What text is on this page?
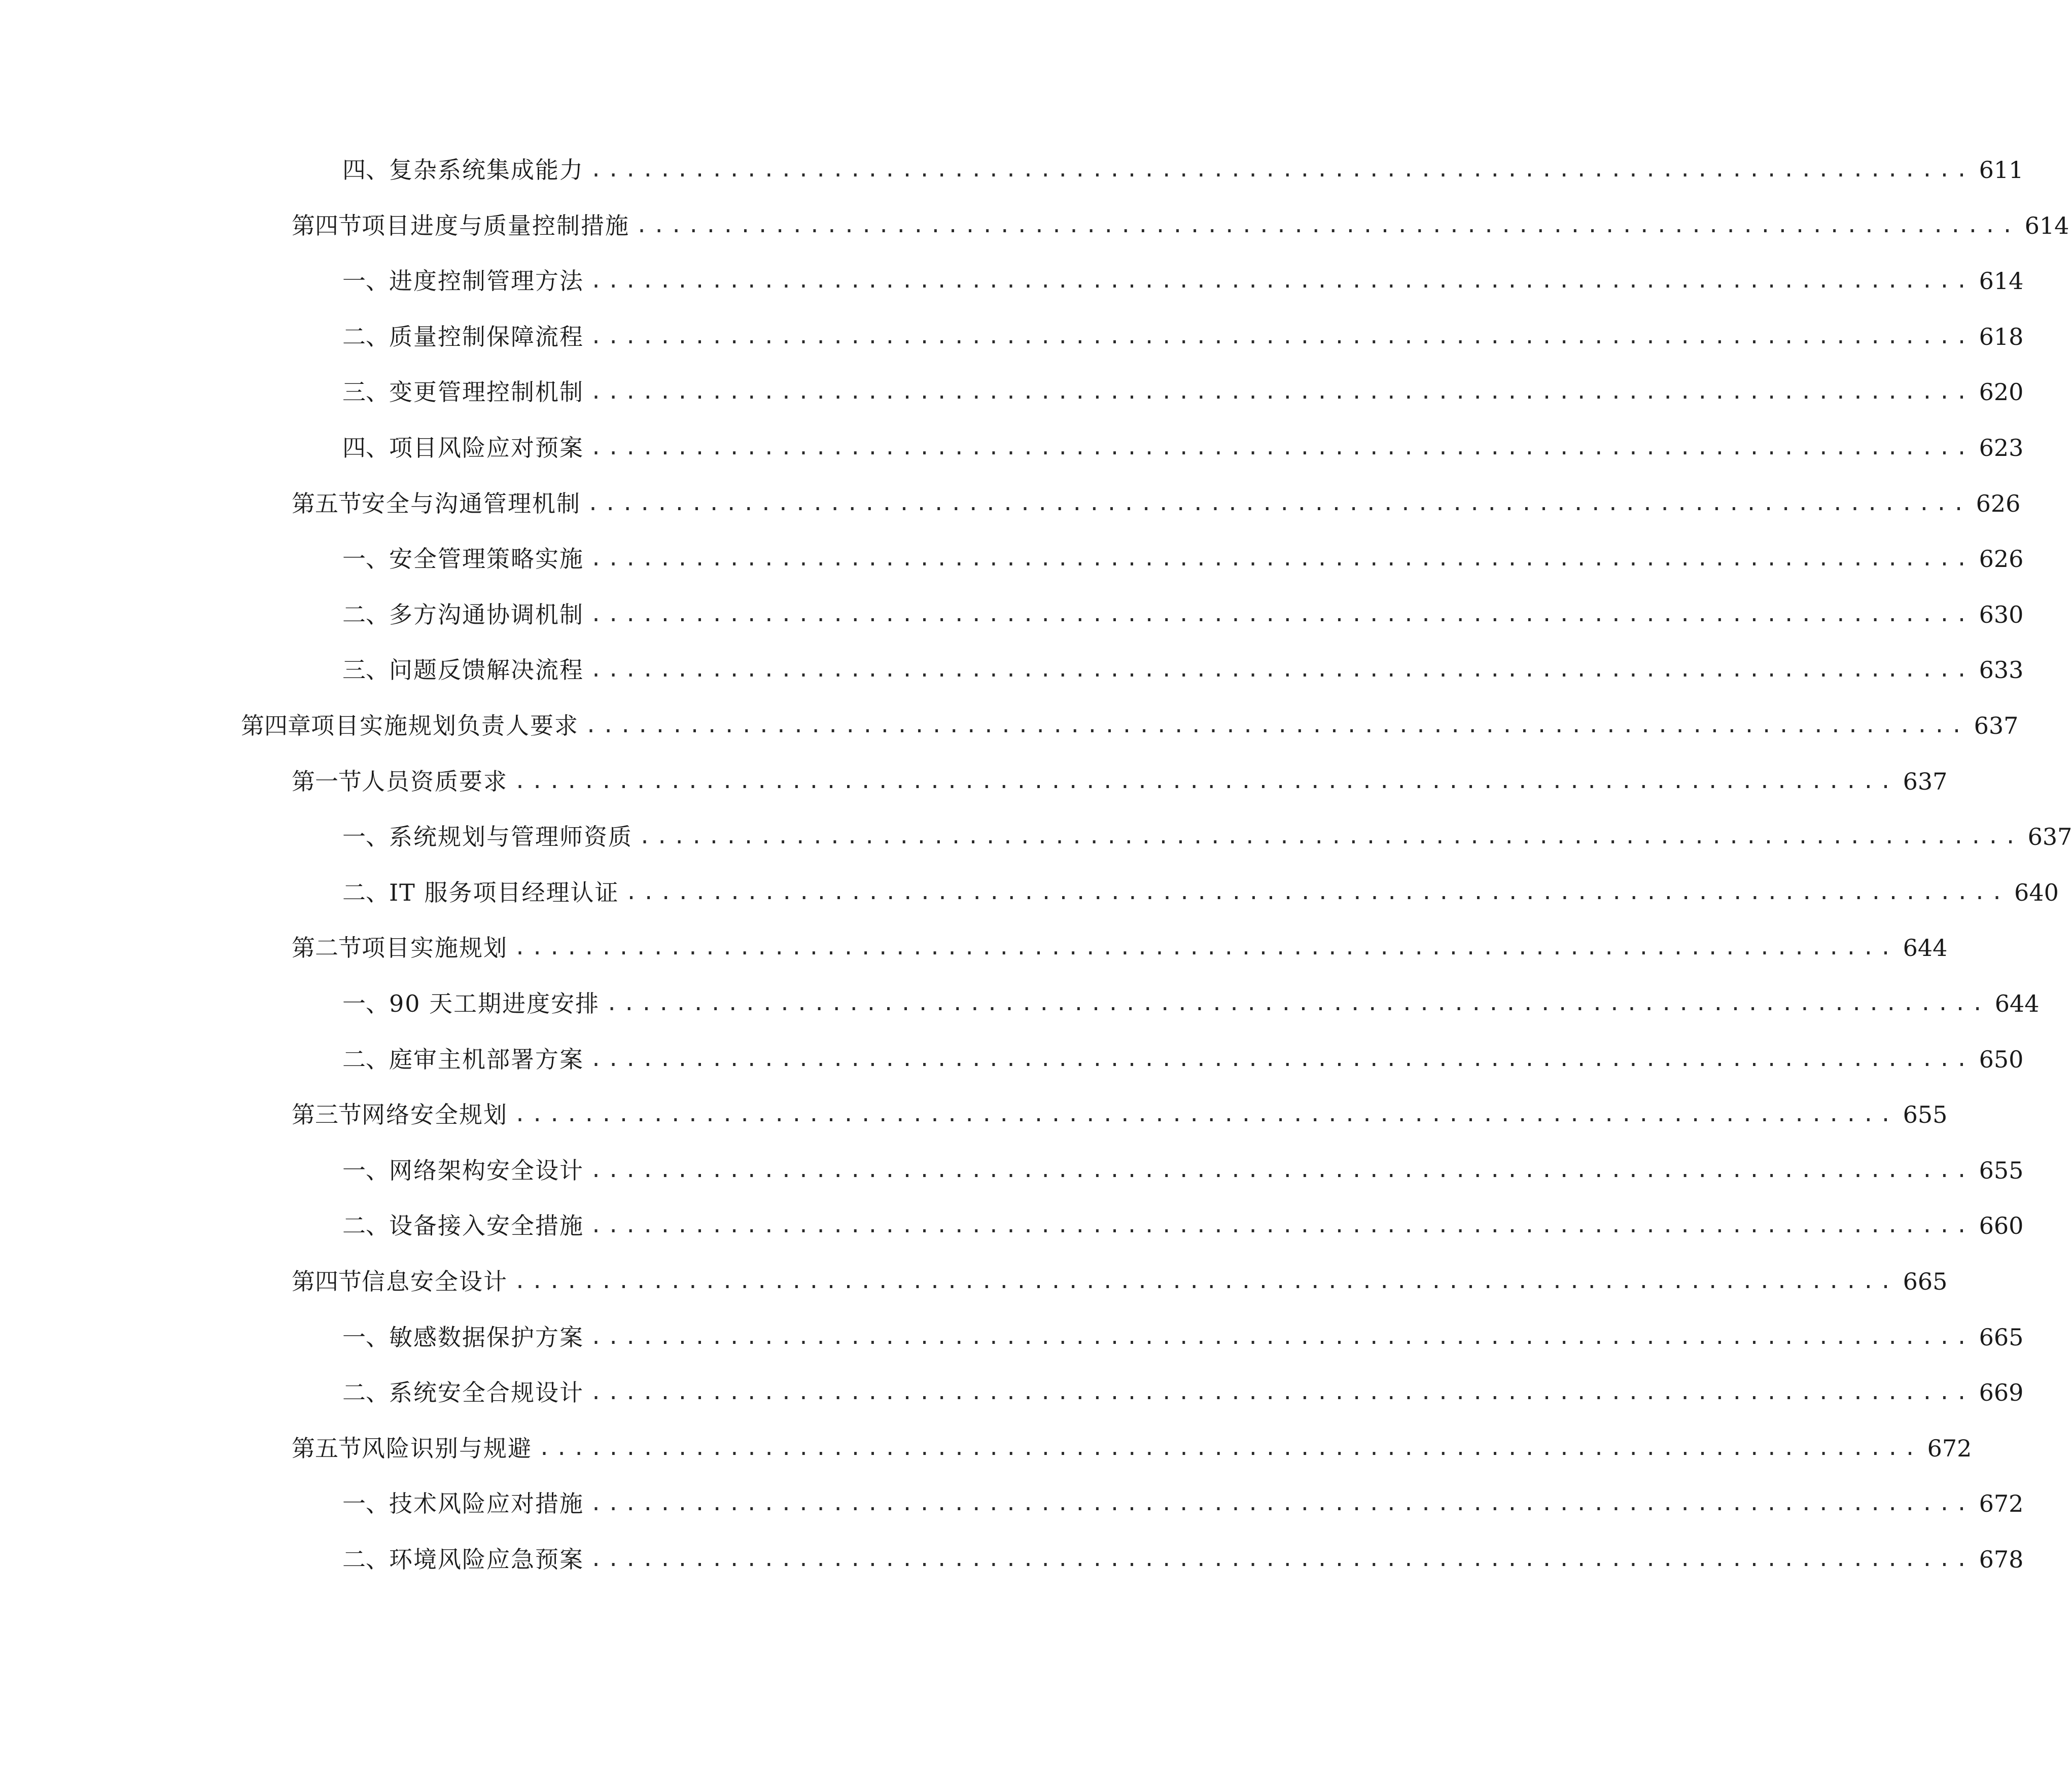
四、 复杂系统集成能力 ................................................................................ 611
第四节 项目进度与质量控制措施 ................................................................................ 614
一、 进度控制管理方法 ................................................................................ 614
二、 质量控制保障流程 ................................................................................ 618
三、 变更管理控制机制 ................................................................................ 620
四、 项目风险应对预案 ................................................................................ 623
第五节 安全与沟通管理机制 ................................................................................ 626
一、 安全管理策略实施 ................................................................................ 626
二、 多方沟通协调机制 ................................................................................ 630
三、 问题反馈解决流程 ................................................................................ 633
第四章 项目实施规划负责人要求 ................................................................................ 637
第一节 人员资质要求 ................................................................................ 637
一、 系统规划与管理师资质 ................................................................................ 637
二、 IT 服务项目经理认证 ................................................................................ 640
第二节 项目实施规划 ................................................................................ 644
一、 90 天工期进度安排 ................................................................................ 644
二、 庭审主机部署方案 ................................................................................ 650
第三节 网络安全规划 ................................................................................ 655
一、 网络架构安全设计 ................................................................................ 655
二、 设备接入安全措施 ................................................................................ 660
第四节 信息安全设计 ................................................................................ 665
一、 敏感数据保护方案 ................................................................................ 665
二、 系统安全合规设计 ................................................................................ 669
第五节 风险识别与规避 ................................................................................ 672
一、 技术风险应对措施 ................................................................................ 672
二、 环境风险应急预案 ................................................................................ 678
